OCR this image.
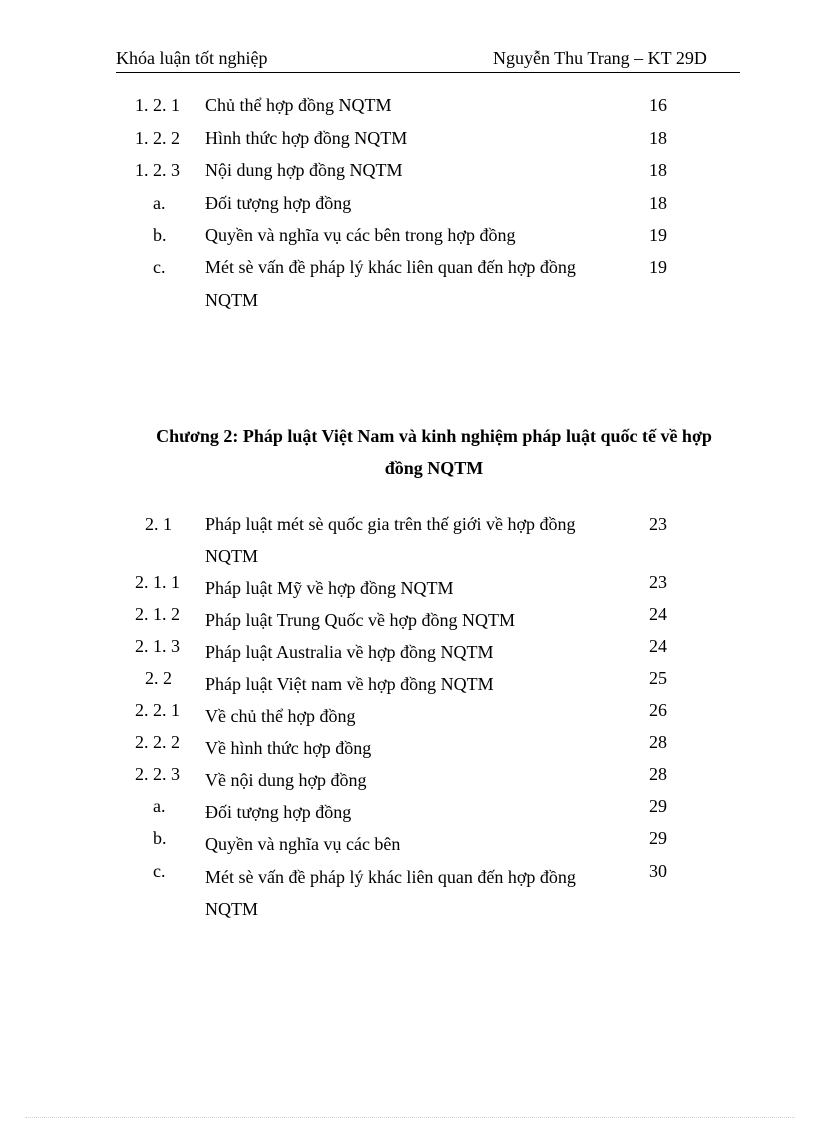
Khóa luận tốt nghiệp	Nguyễn Thu Trang – KT 29D
1. 2. 1 Chủ thể hợp đồng NQTM	16
1. 2. 2 Hình thức hợp đồng NQTM	18
1. 2. 3 Nội dung hợp đồng NQTM	18
a. Đối tượng hợp đồng	18
b. Quyền và nghĩa vụ các bên trong hợp đồng	19
c. Mét sè vấn đề pháp lý khác liên quan đến hợp đồng	19
NQTM
Chương 2: Pháp luật Việt Nam và kinh nghiệm pháp luật quốc tế về hợp
đồng NQTM
2. 1 Pháp luật mét sè quốc gia trên thế giới về hợp đồng	23
NQTM
2. 1. 1 Pháp luật Mỹ về hợp đồng NQTM	23
2. 1. 2 Pháp luật Trung Quốc về hợp đồng NQTM	24
2. 1. 3 Pháp luật Australia về hợp đồng NQTM	24
2. 2 Pháp luật Việt nam về hợp đồng NQTM	25
2. 2. 1 Về chủ thể hợp đồng	26
2. 2. 2 Về hình thức hợp đồng	28
2. 2. 3 Về nội dung hợp đồng	28
a. Đối tượng hợp đồng	29
b. Quyền và nghĩa vụ các bên	29
c. Mét sè vấn đề pháp lý khác liên quan đến hợp đồng	30
NQTM
